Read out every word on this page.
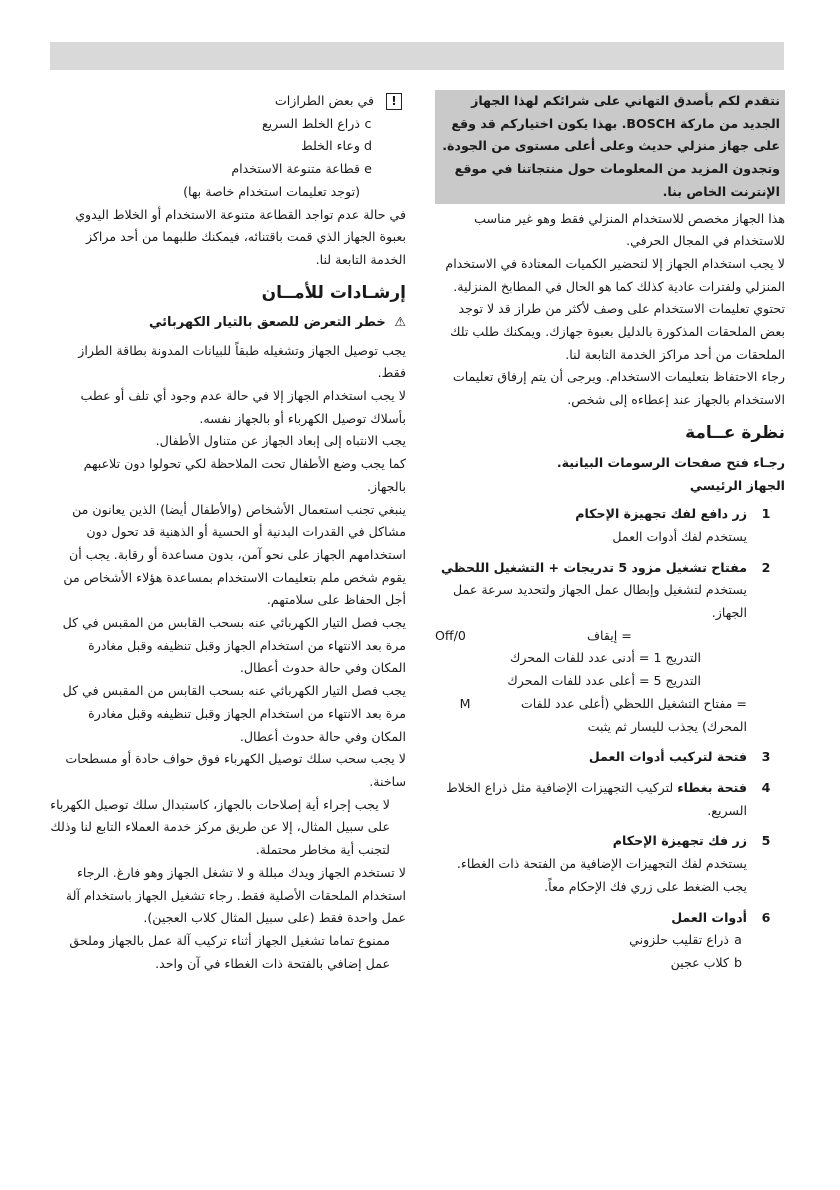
نتقدم لكم بأصدق التهاني على شرائكم لهذا الجهاز الجديد من ماركة BOSCH. بهذا يكون اختياركم قد وقع على جهاز منزلي حديث وعلى أعلى مستوى من الجودة. وتجدون المزيد من المعلومات حول منتجاتنا في موقع الإنترنت الخاص بنا.

هذا الجهاز مخصص للاستخدام المنزلي فقط وهو غير مناسب للاستخدام في المجال الحرفي.

لا يجب استخدام الجهاز إلا لتحضير الكميات المعتادة في الاستخدام المنزلي ولفترات عادية كذلك كما هو الحال في المطابخ المنزلية.

تحتوي تعليمات الاستخدام على وصف لأكثر من طراز قد لا توجد بعض الملحقات المذكورة بالدليل بعبوة جهازك. ويمكنك طلب تلك الملحقات من أحد مراكز الخدمة التابعة لنا.

رجاء الاحتفاظ بتعليمات الاستخدام. ويرجى أن يتم إرفاق تعليمات الاستخدام بالجهاز عند إعطاءه إلى شخص.

نظرة عــامة

رجـاء فتح صفحات الرسومات البيانية.

الجهاز الرئيسي

1
زر دافع لفك تجهيزة الإحكام
يستخدم لفك أدوات العمل
2
مفتاح تشغيل مزود 5 تدريجات + التشغيل اللحظي
يستخدم لتشغيل وإبطال عمل الجهاز ولتحديد سرعة عمل الجهاز.
= إيقاف
Off/0
التدريج 1 = أدنى عدد للفات المحرك
التدريج 5 = أعلى عدد للفات المحرك
= مفتاح التشغيل اللحظي (أعلى عدد للفات المحرك) يجذب لليسار ثم يثبت
M
3
فتحة لتركيب أدوات العمل
4
فتحة بغطاء لتركيب التجهيزات الإضافية مثل ذراع الخلاط السريع.
5
زر فك تجهيزة الإحكام
يستخدم لفك التجهيزات الإضافية من الفتحة ذات الغطاء. يجب الضغط على زري فك الإحكام معاً.
6
أدوات العمل
a
ذراع تقليب حلزوني
b
كلاب عجين
! في بعض الطرازات
c
ذراع الخلط السريع
d
وعاء الخلط
e
قطاعة متنوعة الاستخدام
(توجد تعليمات استخدام خاصة بها)

في حالة عدم تواجد القطاعة متنوعة الاستخدام أو الخلاط اليدوي بعبوة الجهاز الذي قمت باقتنائه، فيمكنك طلبهما من أحد مراكز الخدمة التابعة لنا.

إرشـادات للأمــان
⚠ خطر التعرض للصعق بالتيار الكهربائي

يجب توصيل الجهاز وتشغيله طبقاً للبيانات المدونة بطاقة الطراز فقط.

لا يجب استخدام الجهاز إلا في حالة عدم وجود أي تلف أو عطب بأسلاك توصيل الكهرباء أو بالجهاز نفسه.

يجب الانتباه إلى إبعاد الجهاز عن متناول الأطفال.

كما يجب وضع الأطفال تحت الملاحظة لكي تحولوا دون تلاعبهم بالجهاز.

ينبغي تجنب استعمال الأشخاص (والأطفال أيضا) الذين يعانون من مشاكل في القدرات البدنية أو الحسية أو الذهنية قد تحول دون استخدامهم الجهاز على نحو آمن، بدون مساعدة أو رقابة. يجب أن يقوم شخص ملم بتعليمات الاستخدام بمساعدة هؤلاء الأشخاص من أجل الحفاظ على سلامتهم.

يجب فصل التيار الكهربائي عنه بسحب القابس من المقبس في كل مرة بعد الانتهاء من استخدام الجهاز وقبل تنظيفه وقبل مغادرة المكان وفي حالة حدوث أعطال.

يجب فصل التيار الكهربائي عنه بسحب القابس من المقبس في كل مرة بعد الانتهاء من استخدام الجهاز وقبل تنظيفه وقبل مغادرة المكان وفي حالة حدوث أعطال.

لا يجب سحب سلك توصيل الكهرباء فوق حواف حادة أو مسطحات ساخنة.

لا يجب إجراء أية إصلاحات بالجهاز، كاستبدال سلك توصيل الكهرباء على سبيل المثال، إلا عن طريق مركز خدمة العملاء التابع لنا وذلك لتجنب أية مخاطر محتملة.

لا تستخدم الجهاز ويدك مبللة و لا تشغل الجهاز وهو فارغ. الرجاء استخدام الملحقات الأصلية فقط. رجاء تشغيل الجهاز باستخدام آلة عمل واحدة فقط (على سبيل المثال كلاب العجين).

ممنوع تماما تشغيل الجهاز أثناء تركيب آلة عمل بالجهاز وملحق عمل إضافي بالفتحة ذات الغطاء في آن واحد.
